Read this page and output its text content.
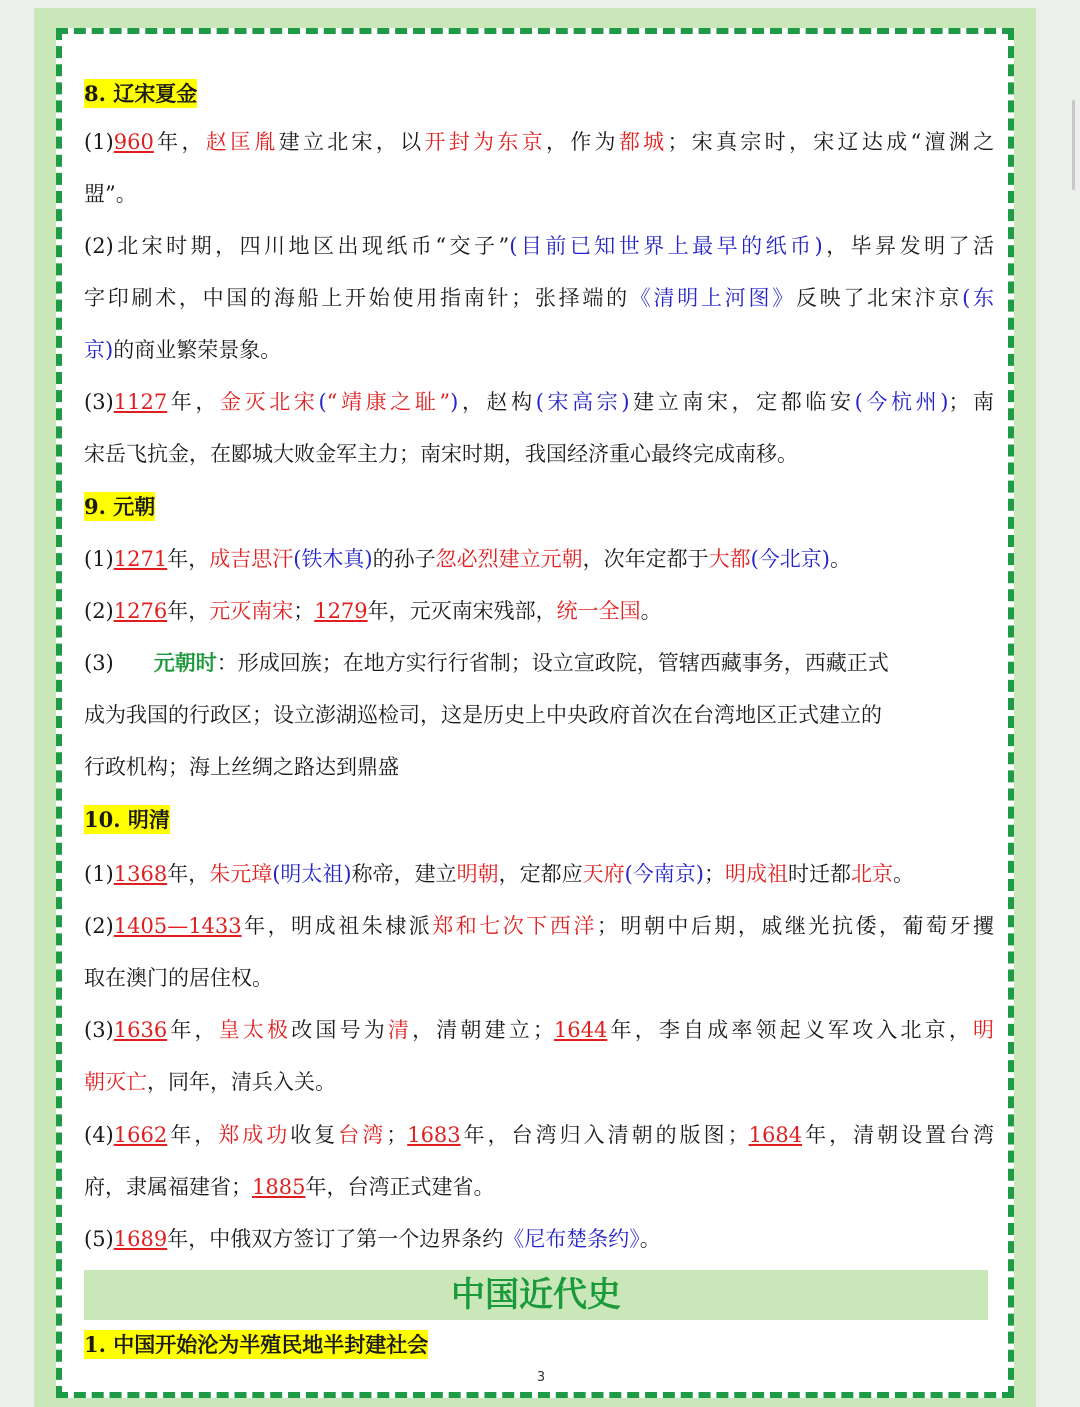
8. 辽宋夏金
(1)960年，赵匡胤建立北宋，以开封为东京，作为都城；宋真宗时，宋辽达成“澶渊之
盟”。
(2)北宋时期，四川地区出现纸币“交子”(目前已知世界上最早的纸币)，毕昇发明了活
字印刷术，中国的海船上开始使用指南针；张择端的《清明上河图》反映了北宋汴京(东
京)的商业繁荣景象。
(3)1127年，金灭北宋(“靖康之耻”)，赵构(宋高宗)建立南宋，定都临安(今杭州)；南
宋岳飞抗金，在郾城大败金军主力；南宋时期，我国经济重心最终完成南移。
9. 元朝
(1)1271年，成吉思汗(铁木真)的孙子忽必烈建立元朝，次年定都于大都(今北京)。
(2)1276年，元灭南宋；1279年，元灭南宋残部，统一全国。
(3) 元朝时：形成回族；在地方实行行省制；设立宣政院，管辖西藏事务，西藏正式
成为我国的行政区；设立澎湖巡检司，这是历史上中央政府首次在台湾地区正式建立的
行政机构；海上丝绸之路达到鼎盛
10. 明清
(1)1368年，朱元璋(明太祖)称帝，建立明朝，定都应天府(今南京)；明成祖时迁都北京。
(2)1405—1433年，明成祖朱棣派郑和七次下西洋；明朝中后期，戚继光抗倭，葡萄牙攫
取在澳门的居住权。
(3)1636年，皇太极改国号为清，清朝建立；1644年，李自成率领起义军攻入北京，明
朝灭亡，同年，清兵入关。
(4)1662年，郑成功收复台湾；1683年，台湾归入清朝的版图；1684年，清朝设置台湾
府，隶属福建省；1885年，台湾正式建省。
(5)1689年，中俄双方签订了第一个边界条约《尼布楚条约》。
中国近代史
1. 中国开始沦为半殖民地半封建社会
3
